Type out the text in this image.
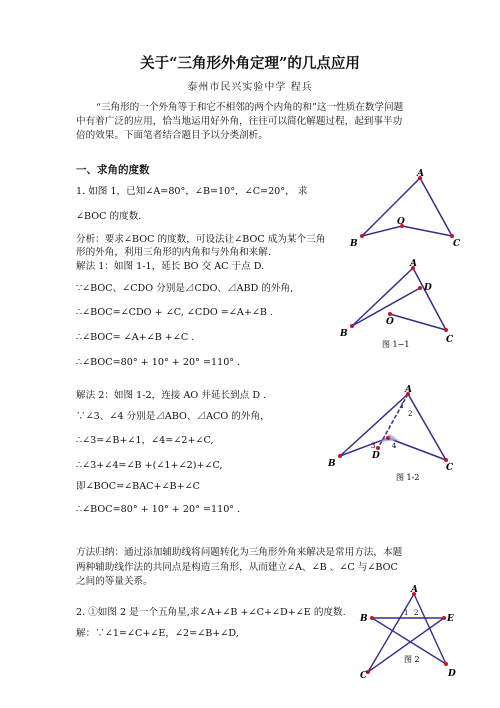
关于“三角形外角定理”的几点应用
泰州市民兴实验中学 程兵
“三角形的一个外角等于和它不相邻的两个内角的和”这一性质在数学问题
中有着广泛的应用，恰当地运用好外角，往往可以简化解题过程，起到事半功
倍的效果。下面笔者结合题目予以分类剖析。
一、求角的度数
1. 如图 1，已知∠A=80°，∠B=10°，∠C=20°， 求
∠BOC 的度数.
分析：要求∠BOC 的度数，可设法让∠BOC 成为某个三角
形的外角，利用三角形的内角和与外角和来解.
解法 1：如图 1-1，延长 BO 交 AC 于点 D.
∵∠BOC、∠CDO 分别是⊿CDO、⊿ABD 的外角,
∴∠BOC=∠CDO + ∠C, ∠CDO =∠A+∠B .
∴∠BOC= ∠A+∠B +∠C .
∴∠BOC=80° + 10° + 20° =110° .
解法 2：如图 1-2，连接 AO 并延长到点 D .
∵∠3、∠4 分别是⊿ABO、⊿ACO 的外角，
∴∠3=∠B+∠1，∠4=∠2+∠C,
∴∠3+∠4=∠B +(∠1+∠2)+∠C,
即∠BOC=∠BAC+∠B+∠C
∴∠BOC=80° + 10° + 20° =110° .
方法归纳：通过添加辅助线将问题转化为三角形外角来解决是常用方法，本题
两种辅助线作法的共同点是构造三角形，从而建立∠A、∠B 、∠C 与∠BOC
之间的等量关系。
2. ①如图 2 是一个五角星,求∠A+∠B +∠C+∠D+∠E 的度数.
解：∵∠1=∠C+∠E，∠2=∠B+∠D,
A
B	C
O
A
D
B
C
O
图 1−1
A
B	C
D
1
2
3 4
图 1-2
A
B	E
C	D
1 2
图 2
